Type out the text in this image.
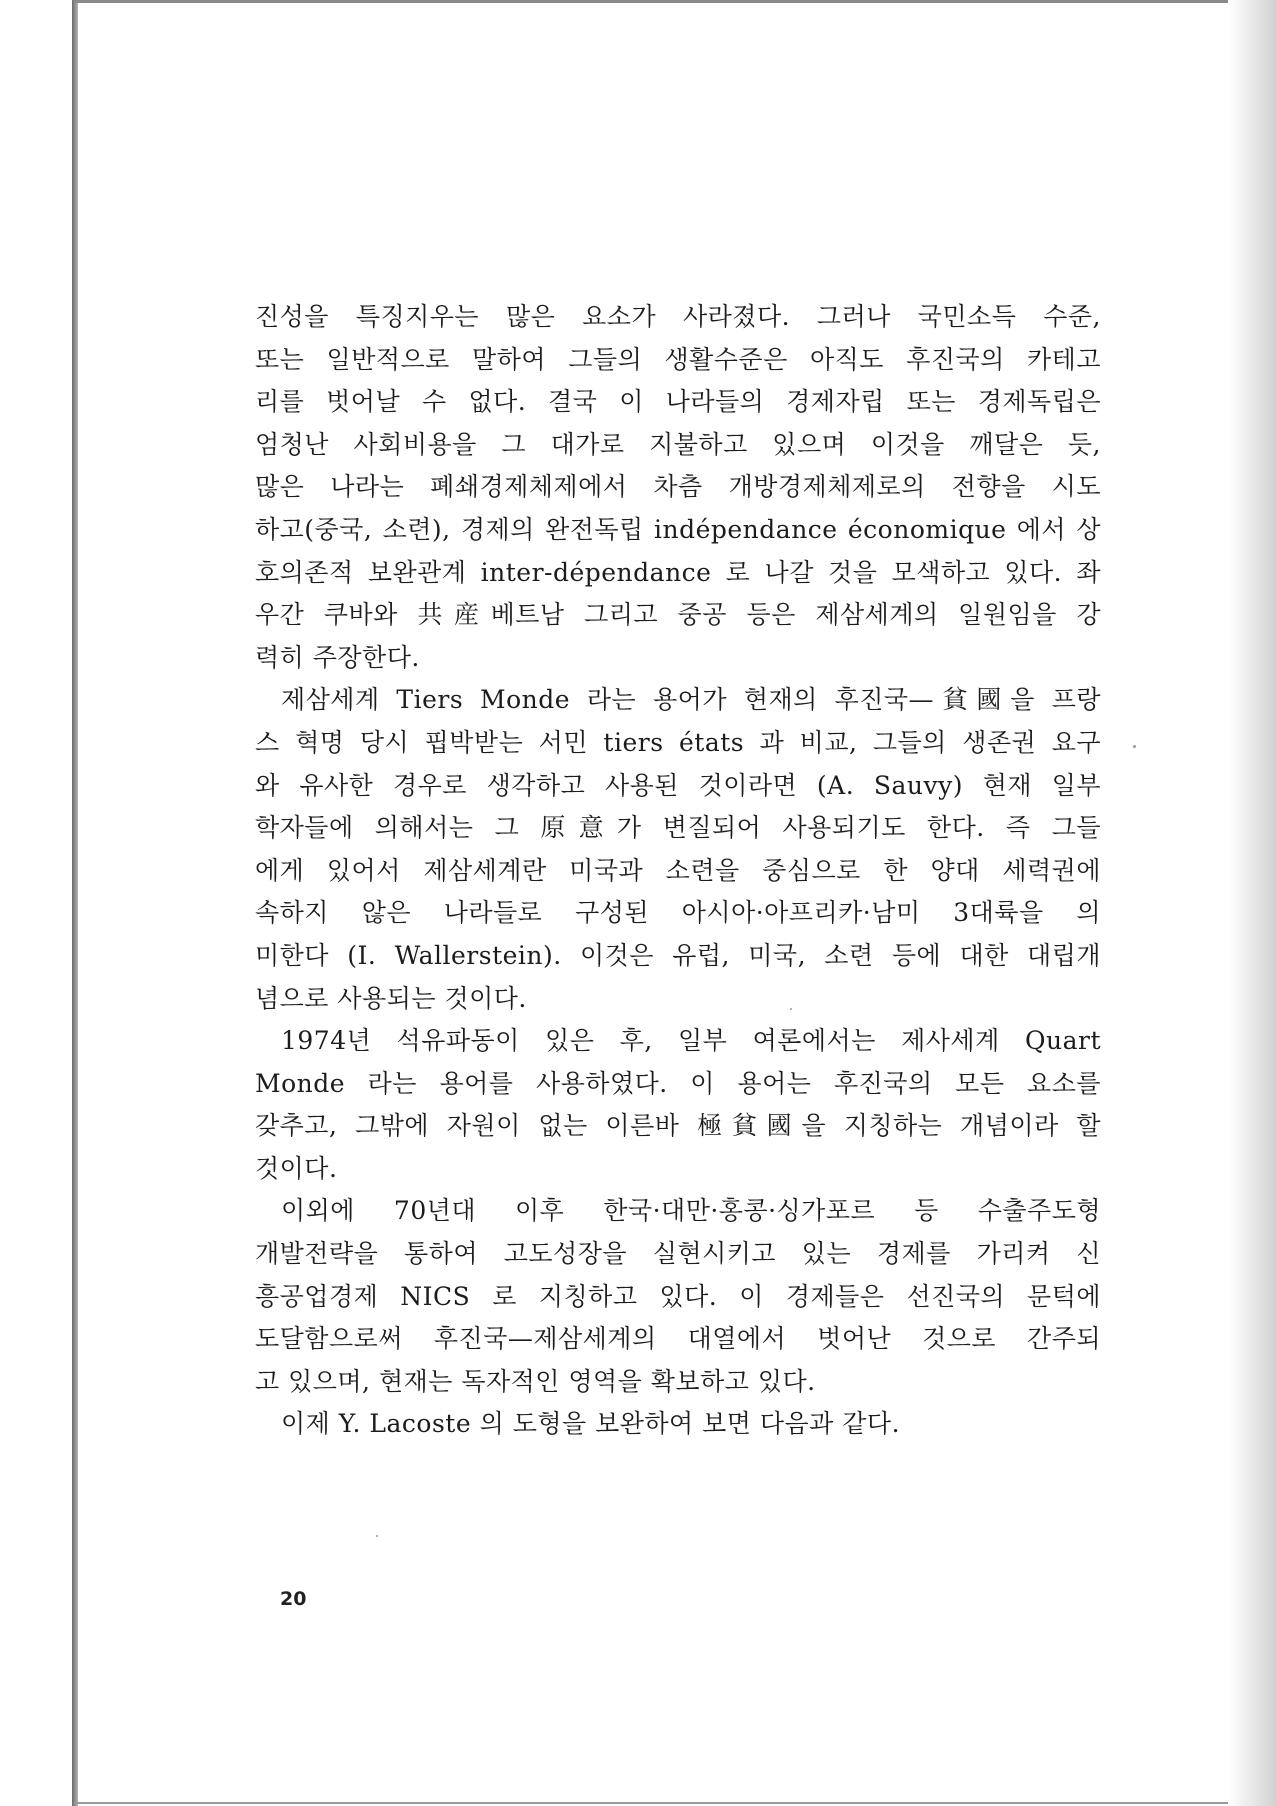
진성을 특징지우는 많은 요소가 사라졌다. 그러나 국민소득 수준,
또는 일반적으로 말하여 그들의 생활수준은 아직도 후진국의 카테고
리를 벗어날 수 없다. 결국 이 나라들의 경제자립 또는 경제독립은
엄청난 사회비용을 그 대가로 지불하고 있으며 이것을 깨달은 듯,
많은 나라는 폐쇄경제체제에서 차츰 개방경제체제로의 전향을 시도
하고(중국, 소련), 경제의 완전독립 indépendance économique 에서 상
호의존적 보완관계 inter-dépendance 로 나갈 것을 모색하고 있다. 좌
우간 쿠바와 共産베트남 그리고 중공 등은 제삼세계의 일원임을 강
력히 주장한다.
제삼세계 Tiers Monde 라는 용어가 현재의 후진국—貧國을 프랑
스 혁명 당시 핍박받는 서민 tiers états 과 비교, 그들의 생존권 요구
와 유사한 경우로 생각하고 사용된 것이라면 (A. Sauvy) 현재 일부
학자들에 의해서는 그 原意가 변질되어 사용되기도 한다. 즉 그들
에게 있어서 제삼세계란 미국과 소련을 중심으로 한 양대 세력권에
속하지 않은 나라들로 구성된 아시아·아프리카·남미 3대륙을 의
미한다 (I. Wallerstein). 이것은 유럽, 미국, 소련 등에 대한 대립개
념으로 사용되는 것이다.
1974년 석유파동이 있은 후, 일부 여론에서는 제사세계 Quart
Monde 라는 용어를 사용하였다. 이 용어는 후진국의 모든 요소를
갖추고, 그밖에 자원이 없는 이른바 極貧國을 지칭하는 개념이라 할
것이다.
이외에 70년대 이후 한국·대만·홍콩·싱가포르 등 수출주도형
개발전략을 통하여 고도성장을 실현시키고 있는 경제를 가리켜 신
흥공업경제 NICS 로 지칭하고 있다. 이 경제들은 선진국의 문턱에
도달함으로써 후진국—제삼세계의 대열에서 벗어난 것으로 간주되
고 있으며, 현재는 독자적인 영역을 확보하고 있다.
이제 Y. Lacoste 의 도형을 보완하여 보면 다음과 같다.
20
